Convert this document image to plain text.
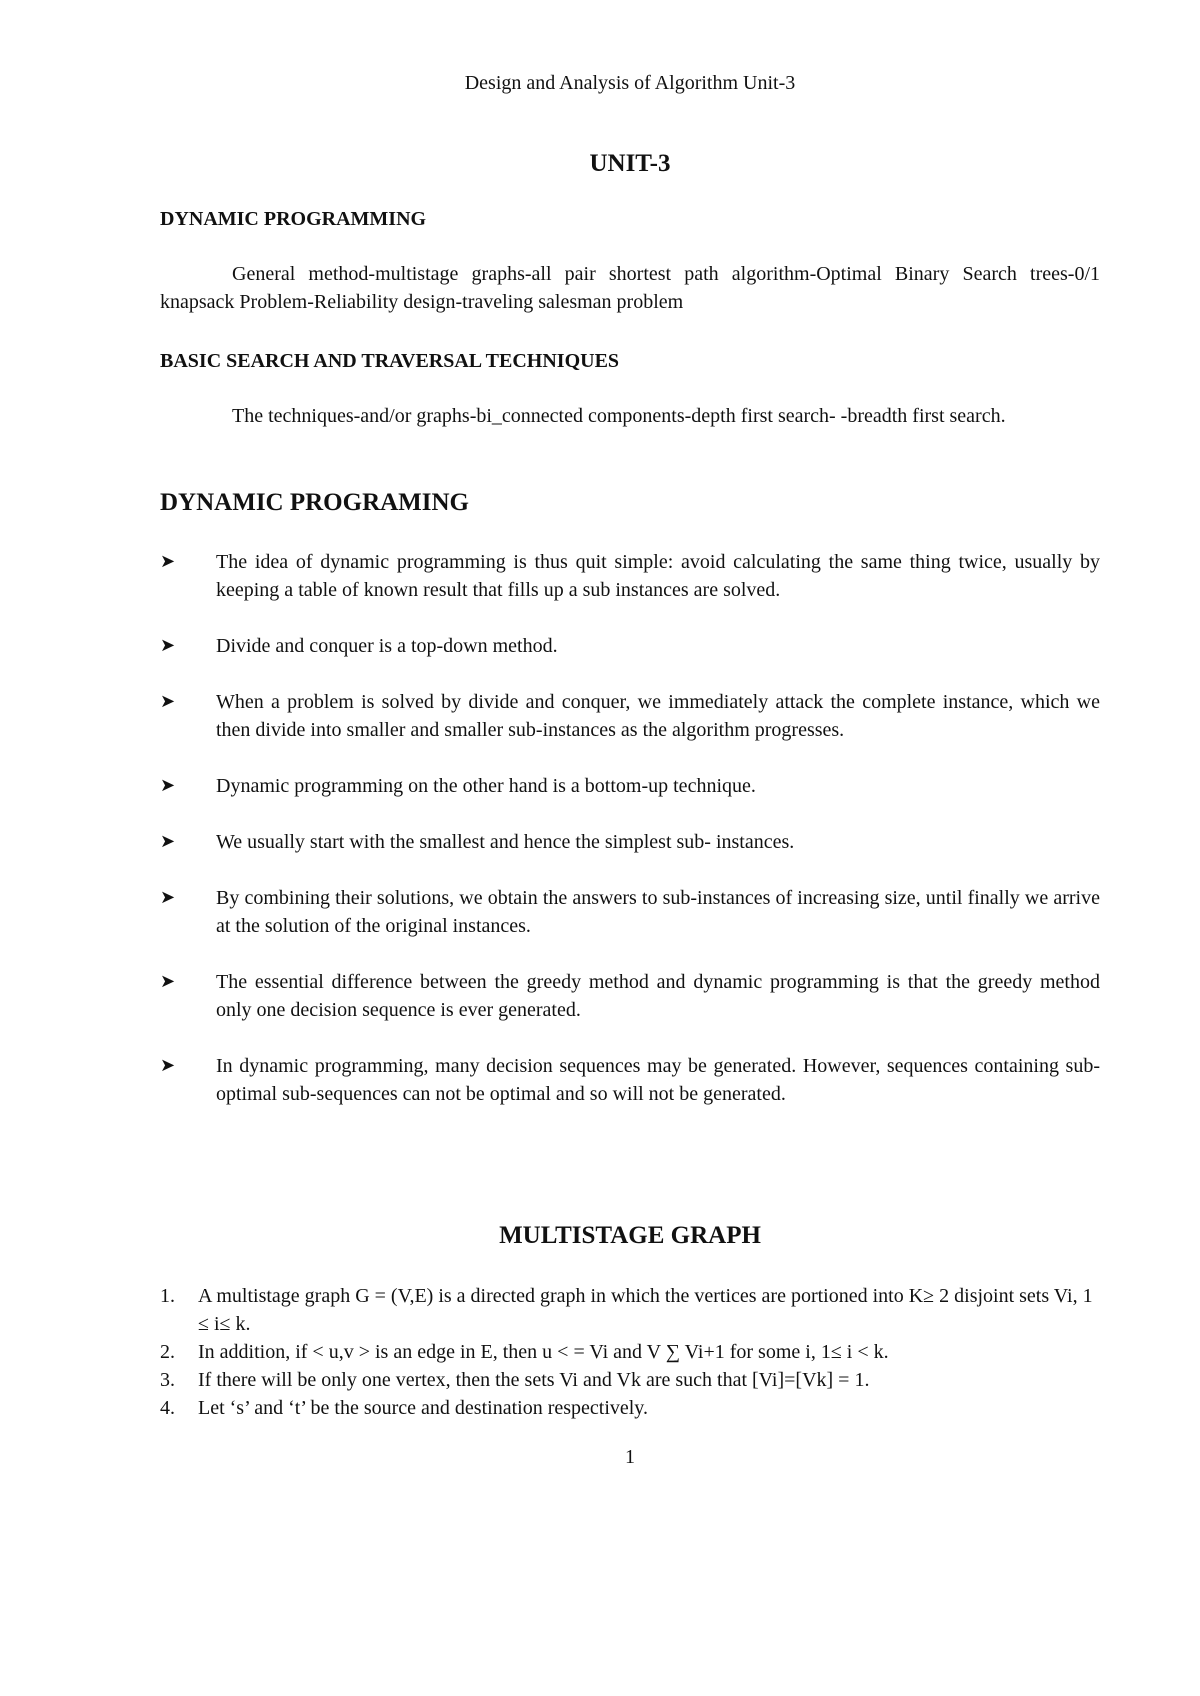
Design and Analysis of Algorithm Unit-3
UNIT-3
DYNAMIC PROGRAMMING
General method-multistage graphs-all pair shortest path algorithm-Optimal Binary Search trees-0/1 knapsack Problem-Reliability design-traveling salesman problem
BASIC SEARCH AND TRAVERSAL TECHNIQUES
The techniques-and/or graphs-bi_connected components-depth first search- -breadth first search.
DYNAMIC PROGRAMING
➤ The idea of dynamic programming is thus quit simple: avoid calculating the same thing twice, usually by keeping a table of known result that fills up a sub instances are solved.
➤ Divide and conquer is a top-down method.
➤ When a problem is solved by divide and conquer, we immediately attack the complete instance, which we then divide into smaller and smaller sub-instances as the algorithm progresses.
➤ Dynamic programming on the other hand is a bottom-up technique.
➤ We usually start with the smallest and hence the simplest sub- instances.
➤ By combining their solutions, we obtain the answers to sub-instances of increasing size, until finally we arrive at the solution of the original instances.
➤ The essential difference between the greedy method and dynamic programming is that the greedy method only one decision sequence is ever generated.
➤ In dynamic programming, many decision sequences may be generated. However, sequences containing sub-optimal sub-sequences can not be optimal and so will not be generated.
MULTISTAGE GRAPH
1. A multistage graph G = (V,E) is a directed graph in which the vertices are portioned into K≥ 2 disjoint sets Vi, 1 ≤ i≤ k.
2. In addition, if < u,v > is an edge in E, then u < = Vi and V ∑ Vi+1 for some i, 1≤ i < k.
3. If there will be only one vertex, then the sets Vi and Vk are such that [Vi]=[Vk] = 1.
4. Let ‘s’ and ‘t’ be the source and destination respectively.
1
